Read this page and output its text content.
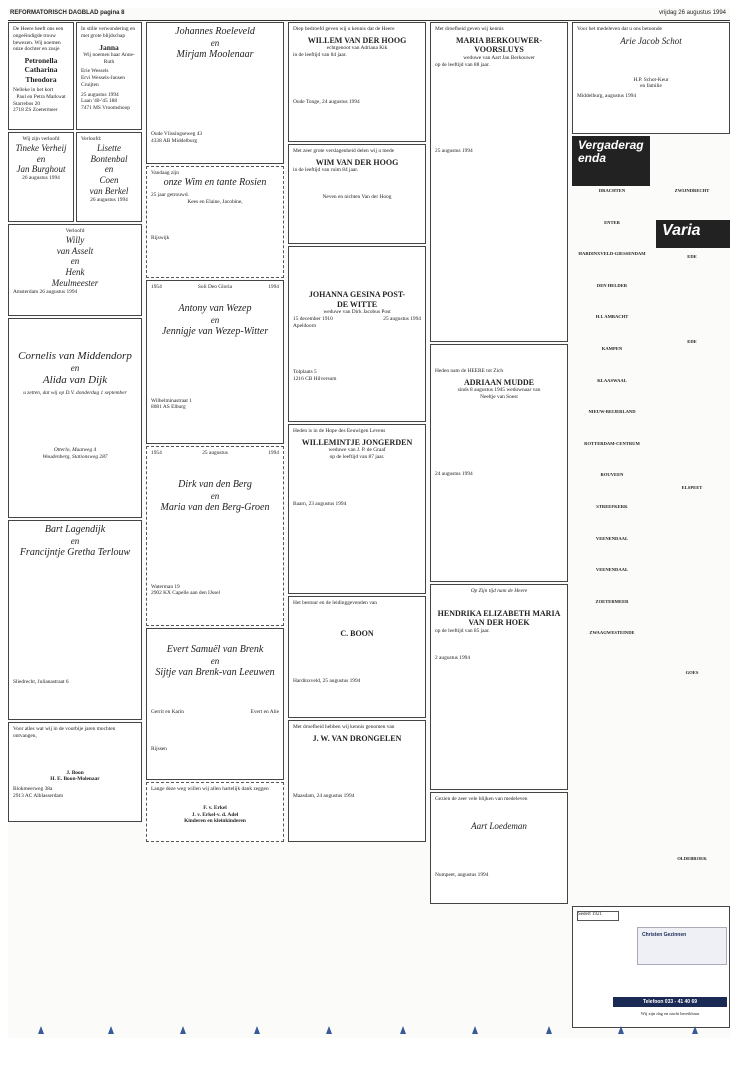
REFORMATORISCH DAGBLAD pagina 8	vrijdag 26 augustus 1994
De Heere heeft ons een ongeëindigde trouw
bewezen. Wij noemen onze dochter en zusje
Petronella
Catharina
Theodora
Nelleke in het kort
Paul en Petra Markwat
Starrebos 20
2718 ZS Zoetermeer
In stille verwondering en met grote blijdschap
Janna
Wij noemen haar Anne-Ruth
Erie Wessels
Ervi Wessels-Jansen Cruijten
25 augustus 1994
Laan '40-'45 188
7471 MS Vroomshoop
Wij zijn verloofd
Tineke Verheij
en
Jan Burghout
26 augustus 1994
Verloofd:
Lisette
Bontenbal
en
Coen
van Berkel
26 augustus 1994
Verloofd
Willy
van Asselt
en
Henk
Meulmeester
Amsterdam 26 augustus 1994
Cornelis van Middendorp
en
Alida van Dijk
u zetten, dat wij op D.V. donderdag 1 september
Otterlo, Maatweg 4
Woudenberg, Stationsweg 287
Bart Lagendijk
en
Francijntje Gretha Terlouw
Sliedrecht, Julianastraat 6
Voor alles wat wij in de voorbije jaren mochten ontvangen,
J. Boon
H. E. Boon-Molenaar
Blokmeerweg 38a
2913 AC Alblasserdam
Johannes Roeleveld
en
Mirjam Moolenaar
Oude Vlissingseweg 43
4338 AB Middelburg
Vandaag zijn
onze Wim en tante Rosien
25 jaar getrouwd.
Kees en Elaine, Jacobine,
Rijswijk
1954	Soli Deo Gloria	1994
Antony van Wezep
en
Jennigje van Wezep-Witter
Wilhelminastraat 1
8081 AS Elburg
1954	25 augustus	1994
Dirk van den Berg
en
Maria van den Berg-Groen
Waterman 19
2902 KX Capelle aan den IJssel
Evert Samuël van Brenk
en
Sijtje van Brenk-van Leeuwen
Gerrit en Karin	Evert en Alie
Rijssen
Lange deze weg willen wij allen hartelijk dank zeggen
F. v. Erkel
J. v. Erkel-v. d. Adel
Kinderen en kleinkinderen
Diep bedroefd geven wij u kennis dat de Heere
WILLEM VAN DER HOOG
echtgenoot van Adriana Kik
in de leeftijd van 84 jaar.
Oude Tonge, 24 augustus 1994
Met zeer grote verslagenheid delen wij u mede
WIM VAN DER HOOG
in de leeftijd van ruim 84 jaar.
Neven en nichten Van der Hoog
JOHANNA GESINA POST-
DE WITTE
weduwe van Dirk Jacobus Post
15 december 1910	25 augustus 1994
Apeldoorn
Tolplaats 5
1216 CB Hilversum
Heden is in de Hope des Eeuwigen Levens
WILLEMINTJE JONGERDEN
weduwe van J. P. de Graaf
op de leeftijd van 87 jaar.
Baarn, 23 augustus 1994
Het bestuur en de leidinggevenden van
C. BOON
Hardinxveld, 25 augustus 1994
Met droefheid hebben wij kennis genomen van
J. W. VAN DRONGELEN
Maasdam, 24 augustus 1994
Met droefheid geven wij kennis
MARIA BERKOUWER-
VOORSLUYS
weduwe van Aart Jan Berkouwer
op de leeftijd van 88 jaar.
25 augustus 1994
Heden nam de HEERE tot Zich
ADRIAAN MUDDE
sinds 8 augustus 1945 weduwnaar van
Neeltje van Soest
24 augustus 1994
Op Zijn tijd nam de Heere
HENDRIKA ELIZABETH MARIA
VAN DER HOEK
op de leeftijd van 85 jaar.
2 augustus 1994
Gezien de zeer vele blijken van medeleven
Aart Loedeman
Numpeet, augustus 1994
Voor het medeleven dat u ons betoonde
Arie Jacob Schot
H.P. Schot-Keur
en familie
Middelburg, augustus 1994
Vergaderagenda
DRACHTEN
ENTER
HARDINXVELD-GIESSENDAM
DEN HELDER
H.I. AMBACHT
KAMPEN
KLAASWAAL
NIEUW-BEIJERLAND
ROTTERDAM-CENTRUM
ROUVEEN
STREEFKERK
VEENENDAAL
VEENENDAAL
ZOETERMEER
ZWAAGWESTEINDE
Varia
ZWIJNDRECHT
EDE
EDE
ELSPEET
GOES
OLDEBROEK
Sedert 1921
Christen Gezinnen
Telefoon 033 - 41 40 69
Wij zijn dag en nacht bereikbaar
